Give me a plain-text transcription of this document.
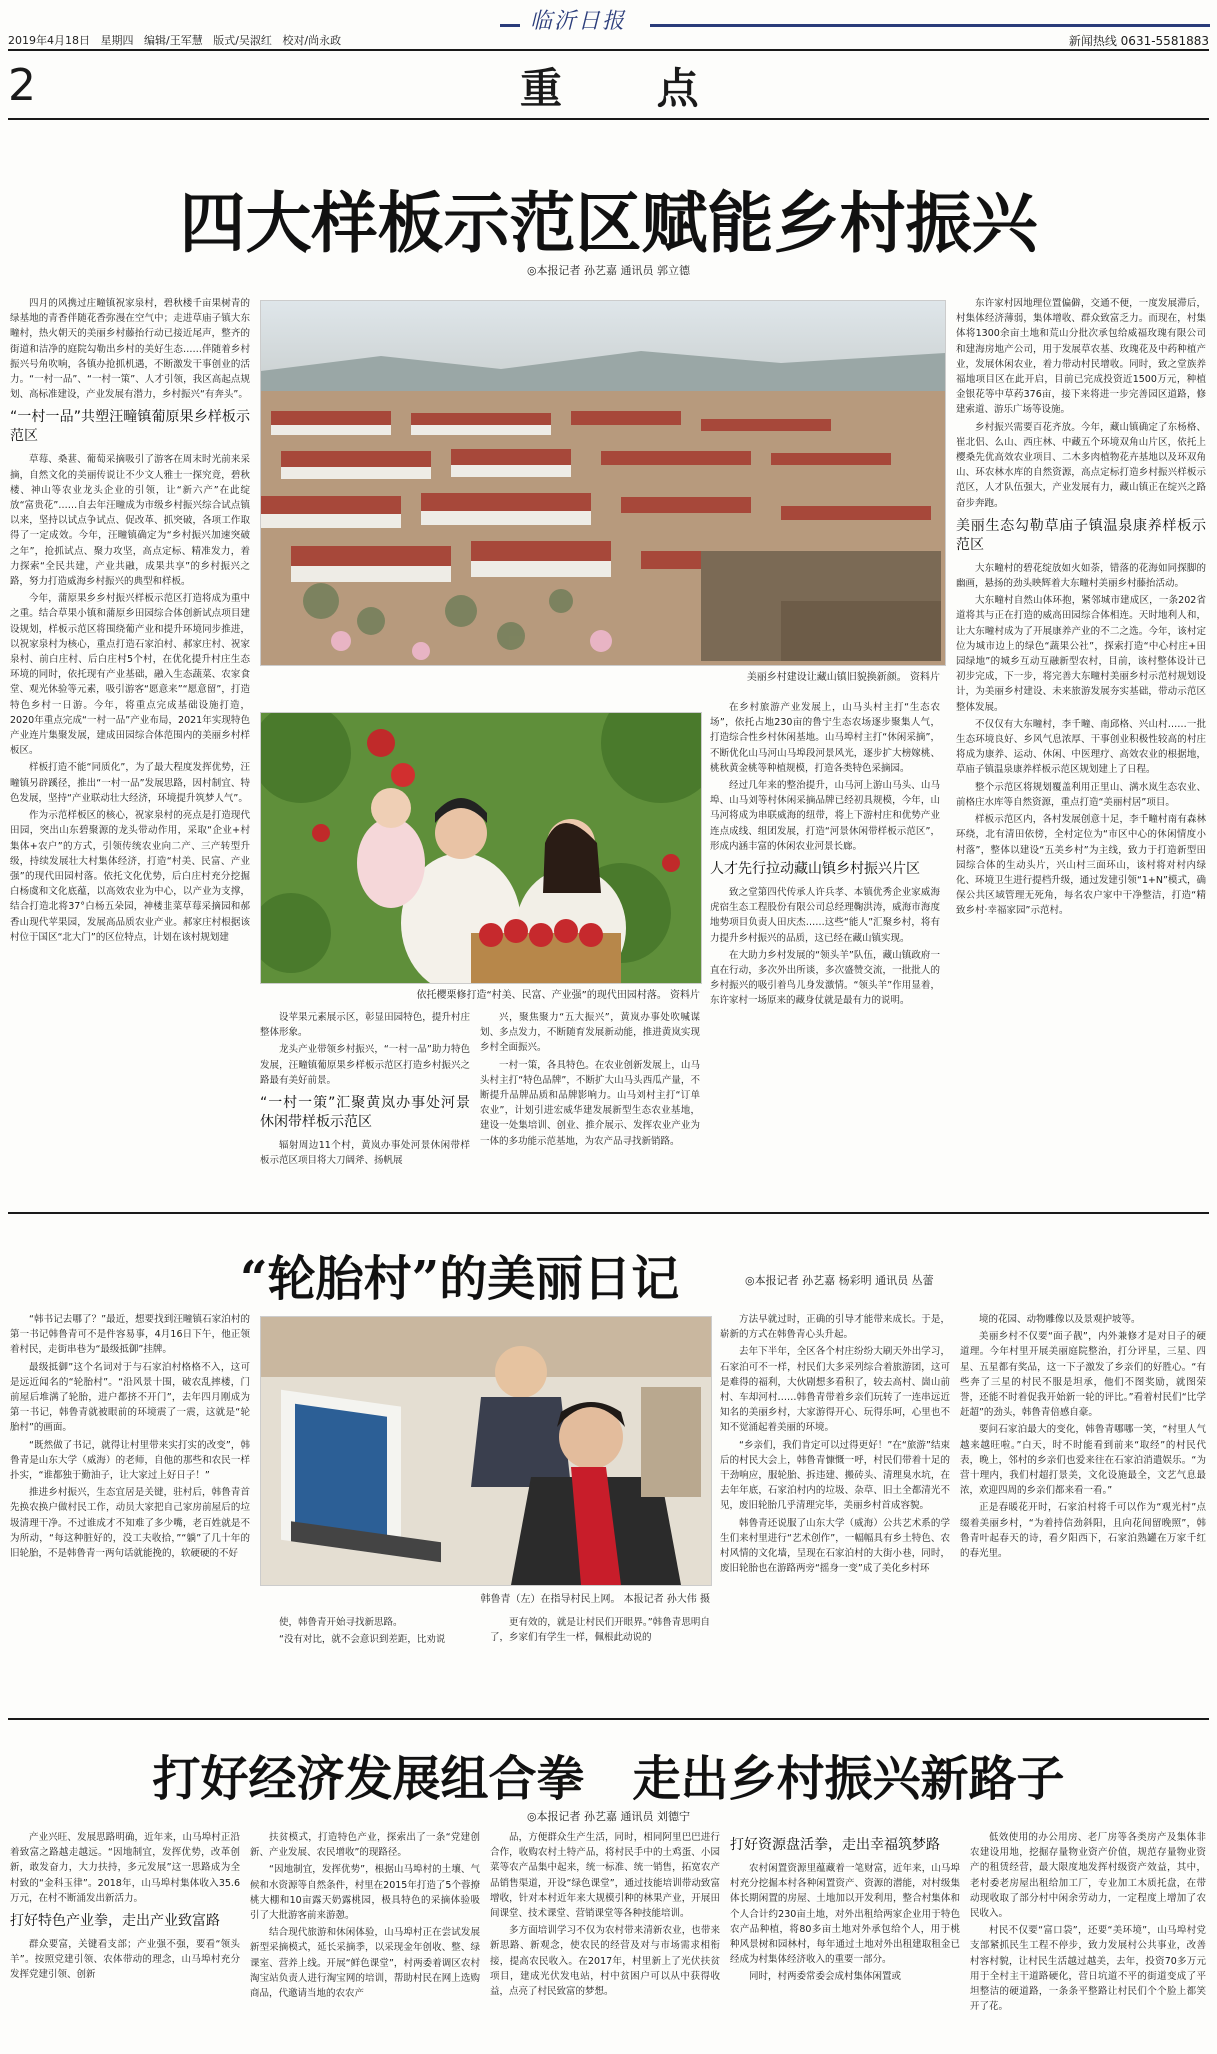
2019年4月18日 星期四 编辑/王军慧 版式/吴淑红 校对/尚永政
临沂日报
新闻热线 0631-5581883
2	重 点
四大样板示范区赋能乡村振兴
◎本报记者 孙艺嘉 通讯员 郭立德

四月的风携过庄疃镇祝家泉村，碧秋楼千亩果树青的绿基地的青香伴随花香弥漫在空气中；走进草庙子镇大东疃村，热火朝天的美丽乡村藤抬行动已接近尾声，整齐的街道和洁净的庭院勾勒出乡村的美好生态……伴随着乡村振兴号角吹响，各镇办抢抓机遇，不断激发干事创业的活力。“一村一品”、“一村一策”、人才引领，我区高起点规划、高标准建设，产业发展有潜力，乡村振兴“有奔头”。

“一村一品”共塑汪疃镇葡原果乡样板示范区

草莓、桑葚、葡萄采摘吸引了游客在周末时光前来采摘，自然文化的美丽传说让不少文人雅士一探究竟，碧秋楼、神山等农业龙头企业的引领，让“新六产”在此绽放“富贵花”……自去年汪疃成为市级乡村振兴综合试点镇以来，坚持以试点争试点、促改革、抓突破，各项工作取得了一定成效。今年，汪疃镇确定为“乡村振兴加速突破之年”，抢抓试点、聚力攻坚，高点定标、精准发力，着力探索“全民共建，产业共融，成果共享”的乡村振兴之路，努力打造威海乡村振兴的典型和样板。

今年，蒲原果乡乡村振兴样板示范区打造将成为重中之重。结合草果小镇和蒲原乡田园综合体创新试点项目建设规划，样板示范区将围绕葡产业和提升环境同步推进，以祝家泉村为核心，重点打造石家泊村、郝家庄村、祝家泉村、前白庄村、后白庄村5个村，在优化提升村庄生态环境的同时，依托现有产业基础，融入生态蔬菜、农家食堂、观光休验等元素，吸引游客“愿意来”“愿意留”，打造特色乡村一日游。今年，将重点完成基础设施打造，2020年重点完成“一村一品”产业布局，2021年实现特色产业连片集聚发展，建成田园综合体范围内的美丽乡村样板区。

样板打造不能“同质化”，为了最大程度发挥优势，汪疃镇另辟蹊径，推出“一村一品”发展思路，因村制宜、特色发展，坚持“产业联动壮大经济，环境提升筑梦人气”。

作为示范样板区的核心，祝家泉村的亮点是打造现代田园，突出山东碧聚源的龙头带动作用，采取“企业+村集体+农户”的方式，引领传统农业向二产、三产转型升级，持续发展壮大村集体经济，打造“村美、民富、产业强”的现代田园村落。依托文化优势，后白庄村充分挖掘白杨虞和文化底蕴，以高效农业为中心，以产业为支撑，结合打造北将37°白杨五朵园，神楼韭菜草莓采摘园和郝香山现代苹果园，发展高品质农业产业。郝家庄村根据该村位于国区“北大门”的区位特点，计划在该村规划建

美丽乡村建设让藏山镇旧貌换新颜。 资料片
依托樱栗修打造“村美、民富、产业强”的现代田园村落。 资料片

设苹果元素展示区，彰显田园特色，提升村庄整体形象。

龙头产业带领乡村振兴，“一村一品”助力特色发展，汪疃镇葡原果乡样板示范区打造乡村振兴之路最有美好前景。

“一村一策”汇聚黄岚办事处河景休闲带样板示范区

辐射周边11个村，黄岚办事处河景休闲带样板示范区项目将大刀阔斧、扬帆展

兴，聚焦聚力“五大振兴”，黄岚办事处吹喊谋划、多点发力，不断随育发展新动能，推进黄岚实现乡村全面振兴。

一村一策，各具特色。在农业创新发展上，山马头村主打“特色品牌”，不断扩大山马头西瓜产量，不断提升品牌品质和品牌影响力。山马刘村主打“订单农业”，计划引进宏威华建发展新型生态农业基地，建设一处集培训、创业、推介展示、发挥农业产业为一体的多功能示范基地，为农产品寻找新销路。

在乡村旅游产业发展上，山马头村主打“生态农场”，依托占地230亩的鲁宁生态农场逐步聚集人气，打造综合性乡村休闲基地。山马埠村主打“休闲采摘”，不断优化山马河山马埠段河景风光，逐步扩大榜嫁桃、桃秋黄金桃等种植规模，打造各类特色采摘园。

经过几年来的整治提升，山马河上游山马头、山马埠、山马刘等村休闲采摘品牌已经初具规模，今年，山马河将成为串联威海的纽带，将上下游村庄和优势产业连点成线、组团发展，打造“河景休闲带样板示范区”，形成内涵丰富的休闲农业河景长廊。

人才先行拉动藏山镇乡村振兴片区

致之堂第四代传承人许兵孝、本镇优秀企业家威海虎宿生态工程股份有限公司总经理鞠洪涛，威海市海度地势项目负责人田庆杰……这些“能人”汇聚乡村，将有力提升乡村振兴的品质，这已经在藏山镇实现。

在大助力乡村发展的“领头羊”队伍，藏山镇政府一直在行动，多次外出所谈，多次盛赞交流，一批批人的乡村振兴的吸引着鸟儿身发激情。“领头羊”作用显着，东许家村一场原来的藏身仗就是最有力的说明。

东许家村因地理位置偏僻，交通不便，一度发展滞后，村集体经济薄弱，集体增收、群众致富乏力。而现在，村集体将1300余亩土地和荒山分批次承包给威福玫瑰有限公司和建海房地产公司，用于发展草农基、玫瑰花及中药种植产业，发展休闲农业，着力带动村民增收。同时，致之堂族养福地项目区在此开启，目前已完成投资近1500万元，种植金银花等中草药376亩，接下来将进一步完善园区道路，修建索道、游乐广场等设施。

乡村振兴需要百花齐放。今年，藏山镇确定了东杨格、崔北侣、么山、西庄林、中藏五个环境双角山片区，依托上樱桑先优高效农业项目、二木多肉植物花卉基地以及环双角山、环农林水库的自然资源，高点定标打造乡村振兴样板示范区，人才队伍强大，产业发展有力，藏山镇正在绽兴之路奋步奔跑。

美丽生态勾勒草庙子镇温泉康养样板示范区

大东疃村的碧花绽放如火如荼，错落的花海如同探脚的幽画，悬扬的劲头映辉着大东疃村美丽乡村藤抬活动。

大东疃村自然山体环抱，紧邻城市建成区，一条202省道将其与正在打造的威高田园综合体相连。天时地利人和，让大东疃村成为了开展康养产业的不二之选。今年，该村定位为城市边上的绿色“蔬果公社”，探索打造“中心村庄+田园绿地”的城乡互动互融新型农村，目前，该村整体设计已初步完成，下一步，将完善大东疃村美丽乡村示范村规划设计，为美丽乡村建设、未来旅游发展夯实基础，带动示范区整体发展。

不仅仅有大东疃村，李千疃、南邱格、兴山村……一批生态环境良好、乡风气息浓厚、干事创业积极性较高的村庄将成为康养、运动、休闲、中医理疗、高效农业的根据地，草庙子镇温泉康养样板示范区规划建上了日程。

整个示范区将规划覆盖利用正里山、满水岚生态农业、前格庄水库等自然资源，重点打造“美丽村居”项目。

样板示范区内，各村发展创意十足，李千疃村南有森林环绕，北有清田依傍，全村定位为“市区中心的休闲情度小村落”，整体以建设“五美乡村”为主线，致力于打造新型田园综合体的生动头片，兴山村三面环山，该村将对村内绿化、环境卫生进行提档升级，通过发建引领“1+N”模式，确保公共区域管理无死角，每名农户家中干净整洁，打造“精致乡村·幸福家园”示范村。

“轮胎村”的美丽日记	◎本报记者 孙艺嘉 杨彩明 通讯员 丛蕾

“韩书记去哪了？”最近，想要找到汪疃镇石家泊村的第一书记韩鲁青可不是件容易事，4月16日下午，他正领着村民，走街串巷为“最级抵御”挂牌。

最级抵御”这个名词对于与石家泊村格格不入，这可是远近闻名的“轮胎村”。“沿风景十围，破农乱摔楼，门前屋后堆满了轮胎，进户都挤不开门”，去年四月刚成为第一书记，韩鲁青就被眼前的环境震了一震，这就是“轮胎村”的画面。

“既然做了书记，就得让村里带来实打实的改变”，韩鲁青是山东大学（威海）的老师，自他的那些和农民一样扑实，“谁都独于勤油子，让大家过上好日子！”

推进乡村振兴，生态宜居是关键，驻村后，韩鲁青首先换农换户做村民工作，动员大家把自己家房前屋后的垃圾清理干净。不过谁成才不知难了多少嘴，老百姓就是不为所动，“每这种脏好的，没工夫收拾，”“躺”了几十年的旧轮胎，不是韩鲁青一两句话就能挽的，软硬硬的不好

韩鲁青（左）在指导村民上网。 本报记者 孙大伟 摄

使，韩鲁青开始寻找新思路。

“没有对比，就不会意识到差距，比劝说

更有效的，就是让村民们开眼界。”韩鲁青思明自了，乡家们有学生一样，佩根此动说的

方法早就过时，正确的引导才能带来成长。于是，崭新的方式在韩鲁青心头升起。

去年下半年，全区各个村庄纷纷大刷天外出学习，石家泊可不一样，村民们大多采列综合着旅游团，这可是难得的福利，大伙剧想多看积了，较去高村、崮山前村、车却河村……韩鲁青带着乡亲们玩转了一连串远近知名的美丽乡村，大家游得开心、玩得乐呵，心里也不知不觉涌起着美丽的环境。

“乡亲们，我们肯定可以过得更好！”在“旅游”结束后的村民大会上，韩鲁青慷慨一呼，村民们带着十足的干劲响应，服轮胎、拆违建、搬砖头、清理臭水坑，在去年年底，石家泊村内的垃圾、杂草、旧土全都清光不见，废旧轮胎几乎清理完毕，美丽乡村首成容貌。

韩鲁青还说服了山东大学（威海）公共艺术系的学生们来村里进行“艺术创作”，一幅幅具有乡土特色、农村风情的文化墙，呈现在石家泊村的大街小巷，同时，废旧轮胎也在游路两旁“摇身一变”成了美化乡村环

境的花园、动物雕像以及景观护坡等。

美丽乡村不仅要“面子靓”，内外兼修才是对日子的硬道理。今年村里开展美丽庭院整治，打分评星，三星、四星、五星都有奖品，这一下子激发了乡亲们的好胜心。“有些奔了三星的村民不服是坦承，他们不图奖励，就图荣誉，还能不时着促我开始新一轮的评比。”看着村民们“比学赶超”的劲头，韩鲁青倍感自豪。

要问石家泊最大的变化，韩鲁青哪哪一笑，“村里人气越来越旺啦。”白天，时不时能看到前来“取经”的村民代表，晚上，邻村的乡亲们也爱来往在石家泊消遣娱乐。“为营十理内，我们村超打景美，文化设施最全，文艺气息最浓，欢迎四周的乡亲们都来看一看。”

正是春暖花开时，石家泊村将千可以作为“观光村”点缀着美丽乡村，“为着持信劲斜阳，且向花间留晚照”，韩鲁青叶起春天的诗，看夕阳西下，石家泊熟罐在万家千红的春光里。

打好经济发展组合拳　走出乡村振兴新路子
◎本报记者 孙艺嘉 通讯员 刘德宁

产业兴旺、发展思路明确，近年来，山马埠村正沿着致富之路越走越远。“因地制宜，发挥优势，改革创新，敢发奋力，大力扶持，多元发展”这一思路成为全村致的“金科玉律”。2018年，山马埠村集体收入35.6万元，在村不断涌发出新活力。

打好特色产业拳，走出产业致富路

群众要富，关键看支部；产业强不强，要看“领头羊”。按照党建引领、农体带动的理念，山马埠村充分发挥党建引领、创新

扶贫模式，打造特色产业，探索出了一条“党建创新、产业发展、农民增收”的现路径。

“因地制宜，发挥优势”，根据山马埠村的土壤、气候和水资源等自然条件，村里在2015年打造了5个蓉撩桃大棚和10亩露天奶露桃园，极具特色的采摘体验吸引了大批游客前来游憩。

结合现代旅游和休闲体验，山马埠村正在尝试发展新型采摘模式，延长采摘季，以采现金年创收、整、绿课室、营养上线。开展“鲜色课堂”，村两委着调区农村淘宝站负责人进行淘宝网的培训，帮助村民在网上选购商品，代邀请当地的农农产

品，方便群众生产生活，同时，相同阿里巴巴进行合作，收购农村土特产品，将村民手中的土鸡蛋、小园菜等农产品集中起来，统一标准、统一销售，拓宽农产品销售渠道，开设“绿色课堂”，通过技能培训带动致富增收，针对本村近年来大规模引种的林果产业，开展田间课堂、技术课堂、营销课堂等各种技能培训。

多方面培训学习不仅为农村带来清新农业，也带来新思路、新观念，使农民的经营及对与市场需求相衔接，提高农民收入。在2017年，村里新上了光伏扶贫项目，建成光伏发电站，村中贫困户可以从中获得收益，点亮了村民致富的梦想。

打好资源盘活拳，走出幸福筑梦路

农村闲置资源里蕴藏着一笔财富，近年来，山马埠村充分挖掘本村各种闲置资产、资源的潜能，对村级集体长期闲置的房屋、土地加以开发利用，整合村集体和个人合计约230亩土地，对外出租给两家企业用于特色农产品种植，将80多亩土地对外承包给个人，用于桃种风景树和园林村，每年通过土地对外出租建取租金已经成为村集体经济收入的重要一部分。

同时，村两委常委会成村集体闲置或

低效使用的办公用房、老厂房等各类房产及集体非农建设用地，挖掘存量物业资产价值，规范存量物业资产的租赁经营，最大限度地发挥村级资产效益，其中，老村委老房屋出租给加工厂，专业加工木质托盘，在带动现收取了部分村中闲余劳动力，一定程度上增加了农民收入。

村民不仅要“富口袋”，还要“美环境”，山马埠村党支部紧抓民生工程不停步，致力发展村公共事业，改善村容村貌，让村民生活越过越美，去年，投资70多万元用于全村主干道路硬化，营日坑道不平的街道变成了平坦整洁的硬道路，一条条平整路让村民们个个脸上都笑开了花。
